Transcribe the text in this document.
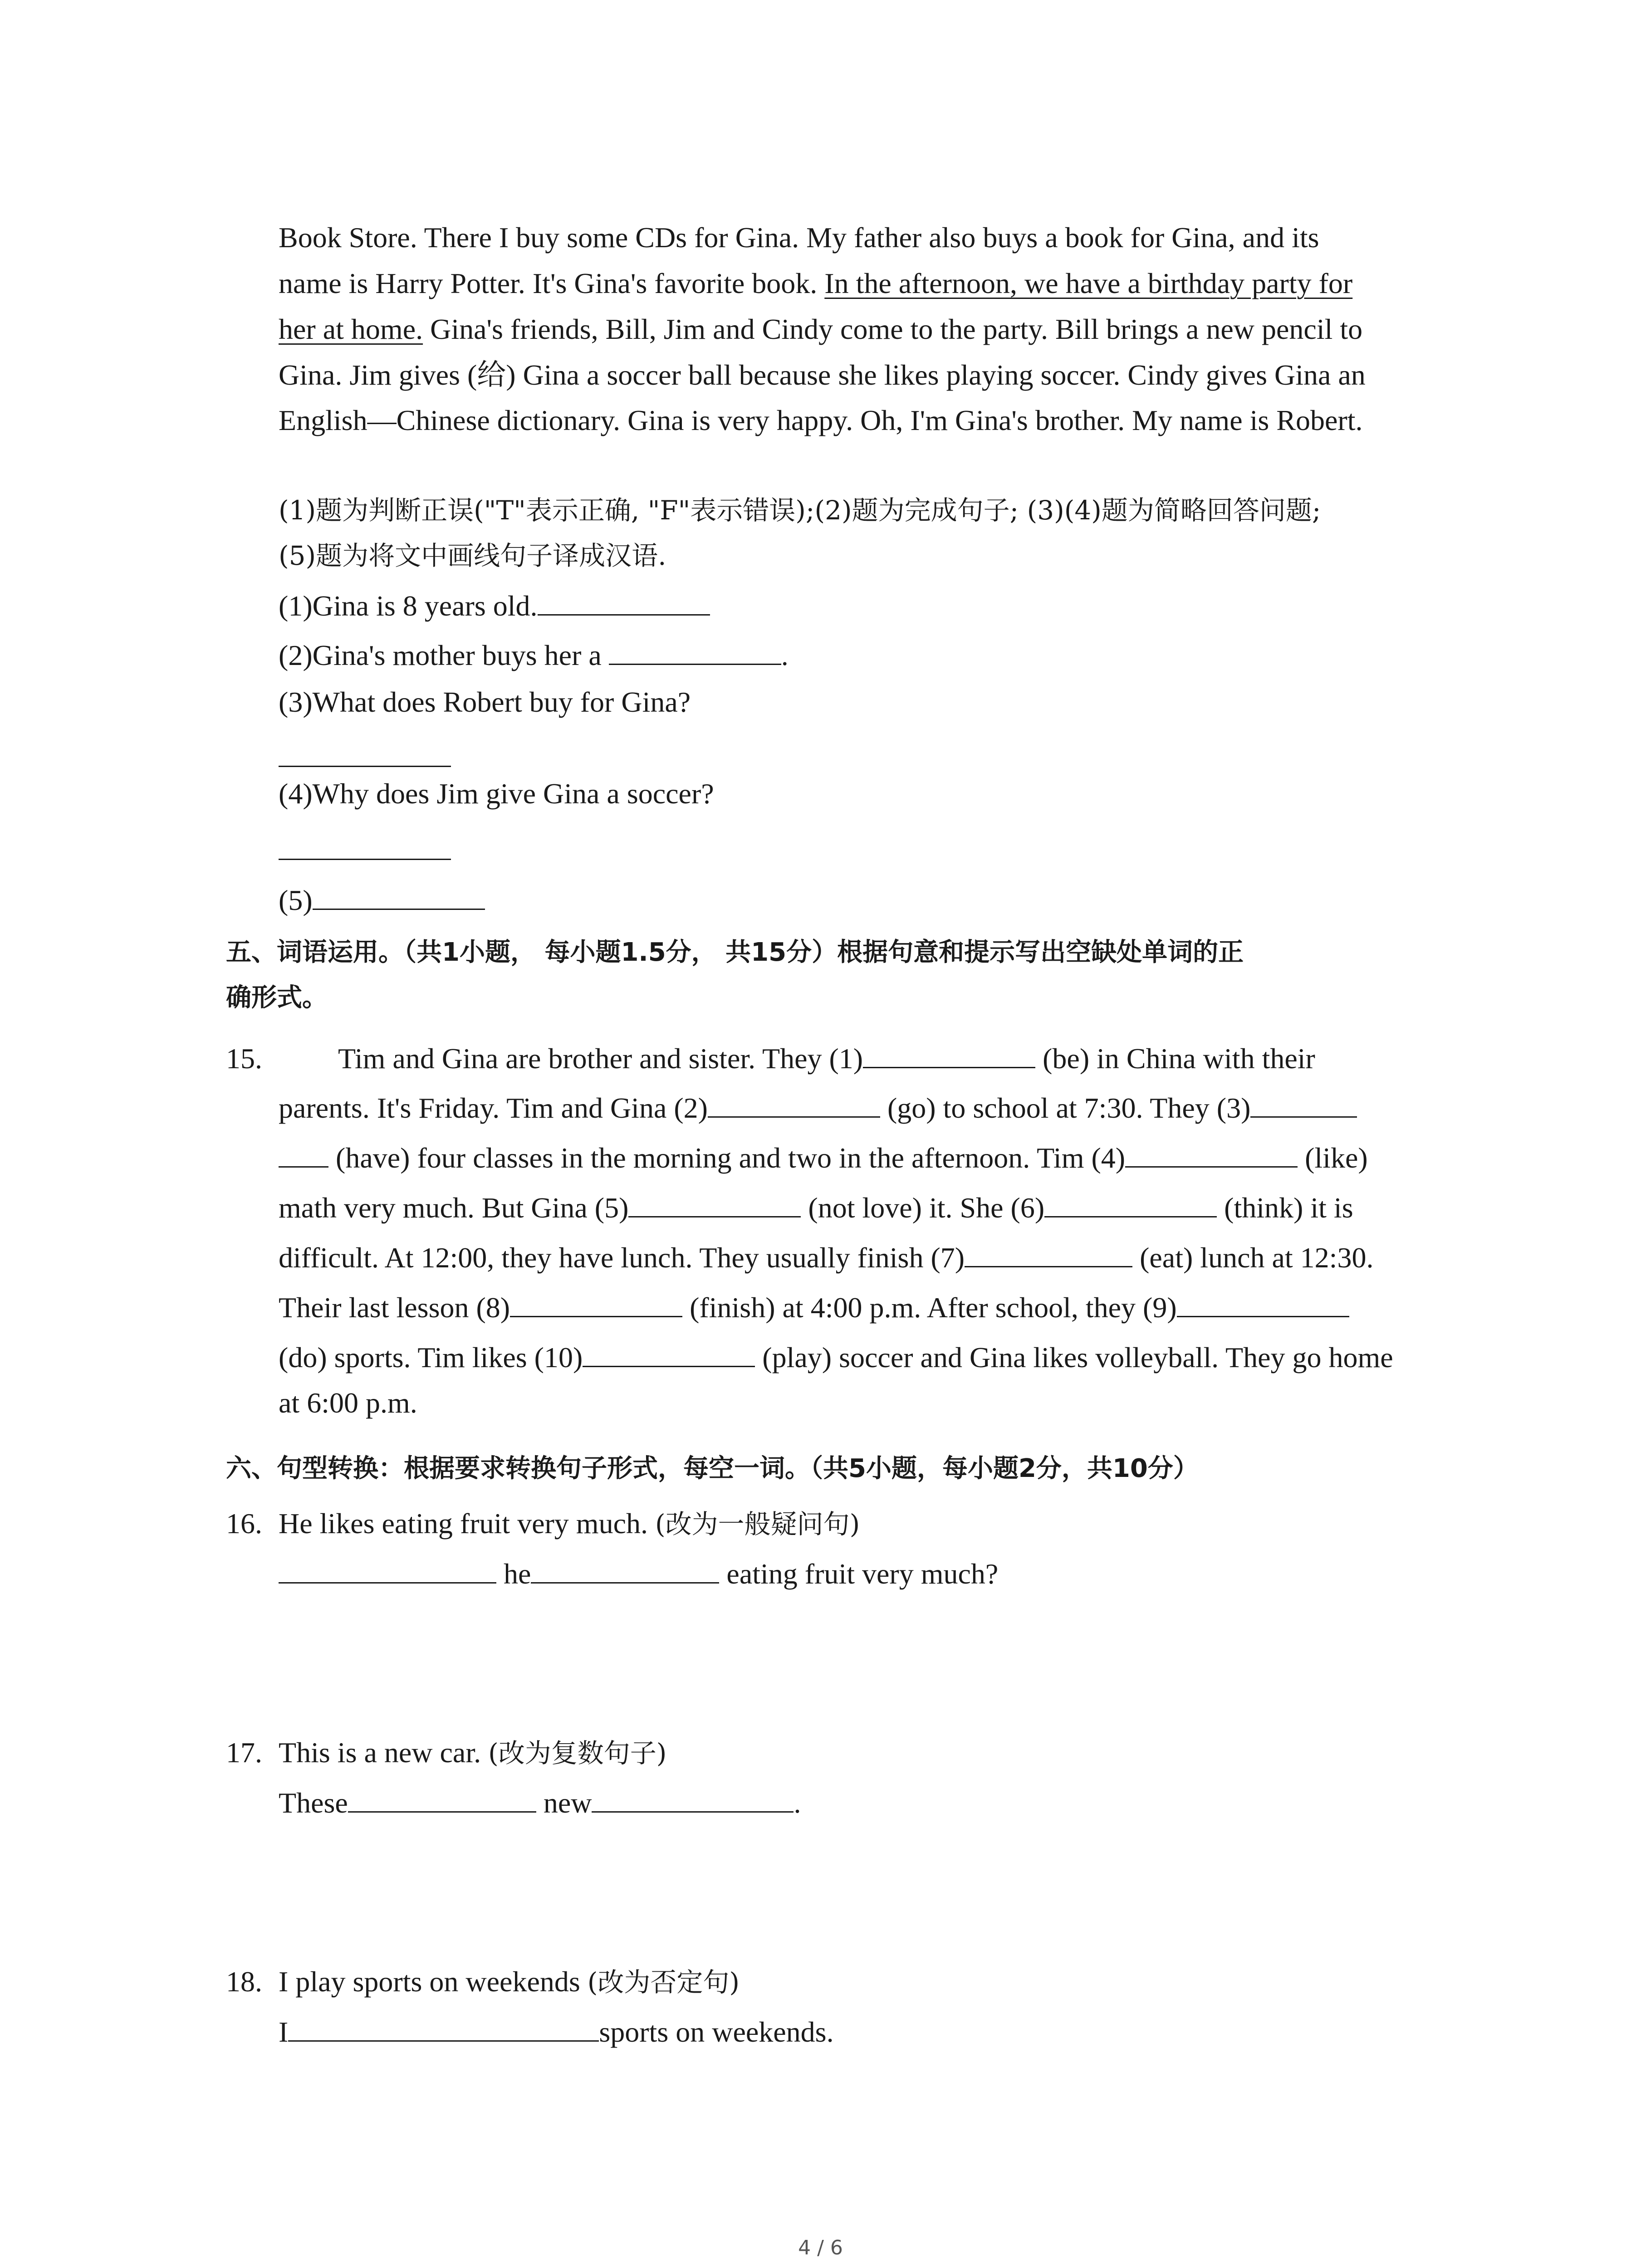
Book Store. There I buy some CDs for Gina. My father also buys a book for Gina, and its
name is Harry Potter. It's Gina's favorite book. In the afternoon, we have a birthday party for
her at home. Gina's friends, Bill, Jim and Cindy come to the party. Bill brings a new pencil to
Gina. Jim gives (给) Gina a soccer ball because she likes playing soccer. Cindy gives Gina an
English—Chinese dictionary. Gina is very happy. Oh, I'm Gina's brother. My name is Robert.
(1)题为判断正误("T"表示正确, "F"表示错误);(2)题为完成句子; (3)(4)题为简略回答问题;
(5)题为将文中画线句子译成汉语.
(1)Gina is 8 years old.
(2)Gina's mother buys her a	.
(3)What does Robert buy for Gina?
(4)Why does Jim give Gina a soccer?
(5)
五、词语运用。（共1小题， 每小题1.5分， 共15分）根据句意和提示写出空缺处单词的正
确形式。
15.	Tim and Gina are brother and sister. They (1)	(be) in China with their
parents. It's Friday. Tim and Gina (2)	(go) to school at 7:30. They (3)
(have) four classes in the morning and two in the afternoon. Tim (4)	(like)
math very much. But Gina (5)	(not love) it. She (6)	(think) it is
difficult. At 12:00, they have lunch. They usually finish (7)	(eat) lunch at 12:30.
Their last lesson (8)	(finish) at 4:00 p.m. After school, they (9)
(do) sports. Tim likes (10)	(play) soccer and Gina likes volleyball. They go home
at 6:00 p.m.
六、句型转换：根据要求转换句子形式，每空一词。（共5小题，每小题2分，共10分）
16. He likes eating fruit very much. (改为一般疑问句)
he	eating fruit very much?
17. This is a new car. (改为复数句子)
These	new	.
18. I play sports on weekends (改为否定句)
I	sports on weekends.
4 / 6
